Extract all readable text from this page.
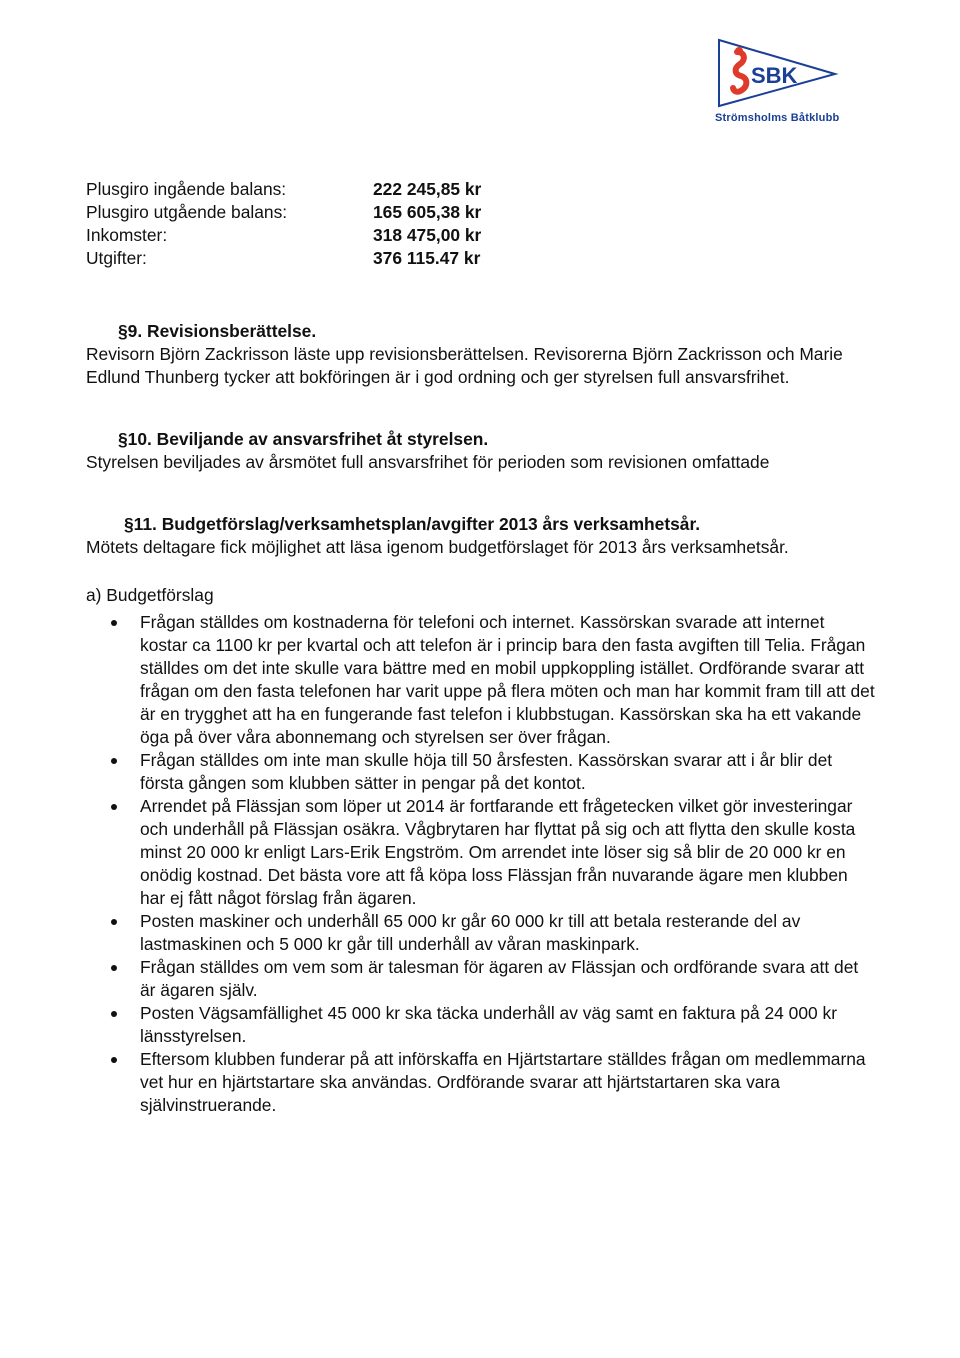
SBK
Strömsholms Båtklubb
Plusgiro ingående balans:	222 245,85 kr
Plusgiro utgående balans:	165 605,38 kr
Inkomster:	318 475,00 kr
Utgifter:	376 115.47 kr
§9. Revisionsberättelse.

Revisorn Björn Zackrisson läste upp revisionsberättelsen. Revisorerna Björn Zackrisson och Marie Edlund Thunberg tycker att bokföringen är i god ordning och ger styrelsen full ansvarsfrihet.

§10. Beviljande av ansvarsfrihet åt styrelsen.

Styrelsen beviljades av årsmötet full ansvarsfrihet för perioden som revisionen omfattade

§11. Budgetförslag/verksamhetsplan/avgifter 2013 års verksamhetsår.

Mötets deltagare fick möjlighet att läsa igenom budgetförslaget för 2013 års verksamhetsår.

a) Budgetförslag

Frågan ställdes om kostnaderna för telefoni och internet. Kassörskan svarade att internet kostar ca 1100 kr per kvartal och att telefon är i princip bara den fasta avgiften till Telia. Frågan ställdes om det inte skulle vara bättre med en mobil uppkoppling istället. Ordförande svarar att frågan om den fasta telefonen har varit uppe på flera möten och man har kommit fram till att det är en trygghet att ha en fungerande fast telefon i klubbstugan. Kassörskan ska ha ett vakande öga på över våra abonnemang och styrelsen ser över frågan.
Frågan ställdes om inte man skulle höja till 50 årsfesten. Kassörskan svarar att i år blir det första gången som klubben sätter in pengar på det kontot.
Arrendet på Flässjan som löper ut 2014 är fortfarande ett frågetecken vilket gör investeringar och underhåll på Flässjan osäkra. Vågbrytaren har flyttat på sig och att flytta den skulle kosta minst 20 000 kr enligt Lars-Erik Engström. Om arrendet inte löser sig så blir de 20 000 kr en onödig kostnad. Det bästa vore att få köpa loss Flässjan från nuvarande ägare men klubben har ej fått något förslag från ägaren.
Posten maskiner och underhåll 65 000 kr går 60 000 kr till att betala resterande del av lastmaskinen och 5 000 kr går till underhåll av våran maskinpark.
Frågan ställdes om vem som är talesman för ägaren av Flässjan och ordförande svara att det är ägaren själv.
Posten Vägsamfällighet 45 000 kr ska täcka underhåll av väg samt en faktura på 24 000 kr länsstyrelsen.
Eftersom klubben funderar på att införskaffa en Hjärtstartare ställdes frågan om medlemmarna vet hur en hjärtstartare ska användas. Ordförande svarar att hjärtstartaren ska vara självinstruerande.
